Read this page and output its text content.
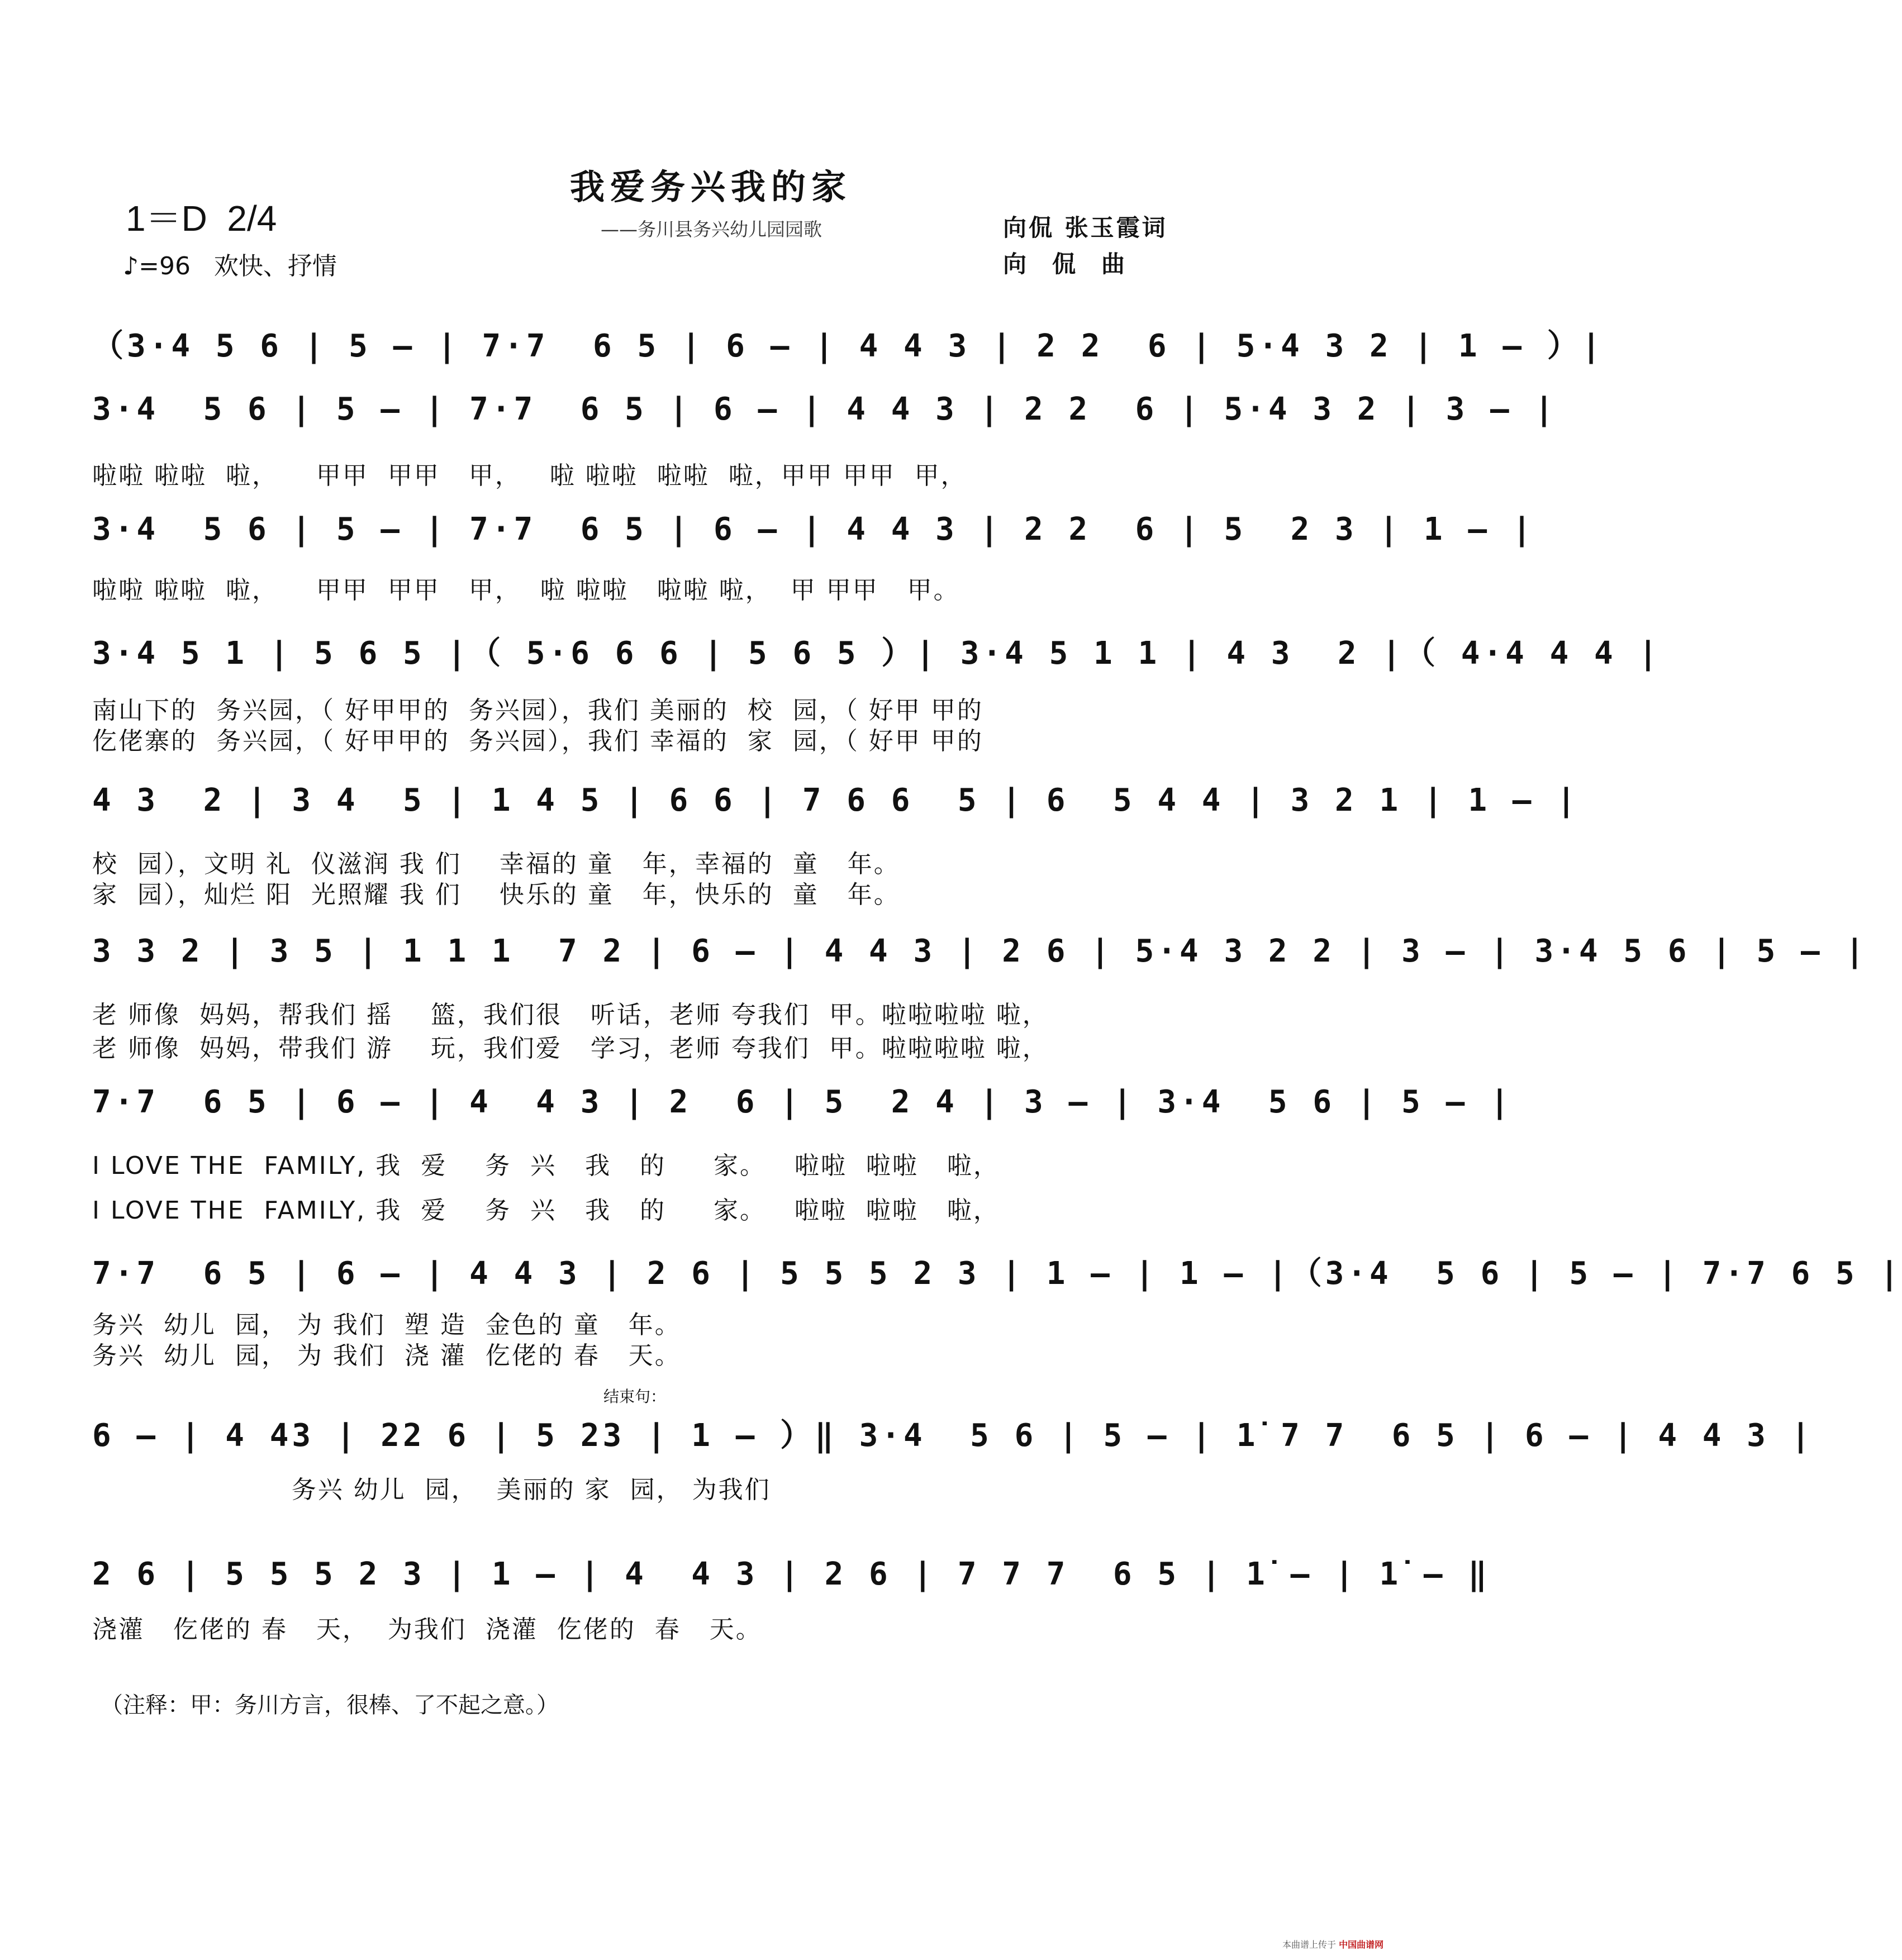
我爱务兴我的家
——务川县务兴幼儿园园歌
1＝D  2/4
♪=96   欢快、抒情
向侃 张玉霞词
向侃曲
（3·4 5 6 | 5 – | 7·7  6 5 | 6 – | 4 4 3 | 2 2  6 | 5·4 3 2 | 1 – ）|
3·4  5 6 | 5 – | 7·7  6 5 | 6 – | 4 4 3 | 2 2  6 | 5·4 3 2 | 3 – |
啦啦 啦啦  啦，    甲甲  甲甲   甲，   啦 啦啦  啦啦  啦，甲甲 甲甲  甲，
3·4  5 6 | 5 – | 7·7  6 5 | 6 – | 4 4 3 | 2 2  6 | 5  2 3 | 1 – |
啦啦 啦啦  啦，    甲甲  甲甲   甲，  啦 啦啦   啦啦 啦，  甲 甲甲   甲。
3·4 5 1 | 5 6 5 |（ 5·6 6 6 | 5 6 5 ）| 3·4 5 1 1 | 4 3  2 |（ 4·4 4 4 |
南山下的  务兴园，（ 好甲甲的  务兴园），我们 美丽的  校  园，（ 好甲 甲的
仡佬寨的  务兴园，（ 好甲甲的  务兴园），我们 幸福的  家  园，（ 好甲 甲的
4 3  2 | 3 4  5 | 1 4 5 | 6 6 | 7 6 6  5 | 6  5 4 4 | 3 2 1 | 1 – |
校  园），文明 礼  仪滋润 我 们    幸福的 童   年，幸福的  童   年。
家  园），灿烂 阳  光照耀 我 们    快乐的 童   年，快乐的  童   年。
3 3 2 | 3 5 | 1 1 1  7 2 | 6 – | 4 4 3 | 2 6 | 5·4 3 2 2 | 3 – | 3·4 5 6 | 5 – |
老 师像  妈妈，帮我们 摇    篮，我们很   听话，老师 夸我们  甲。啦啦啦啦 啦，
老 师像  妈妈，带我们 游    玩，我们爱   学习，老师 夸我们  甲。啦啦啦啦 啦，
7·7  6 5 | 6 – | 4  4 3 | 2  6 | 5  2 4 | 3 – | 3·4  5 6 | 5 – |
I LOVE THE  FAMILY, 我  爱    务  兴   我   的     家。   啦啦  啦啦   啦，
I LOVE THE  FAMILY, 我  爱    务  兴   我   的     家。   啦啦  啦啦   啦，
7·7  6 5 | 6 – | 4 4 3 | 2 6 | 5 5 5 2 3 | 1 – | 1 – |（3·4  5 6 | 5 – | 7·7 6 5 |
务兴  幼儿  园， 为 我们  塑 造  金色的 童   年。
务兴  幼儿  园， 为 我们  浇 灌  仡佬的 春   天。
结束句：
6 – | 4 43 | 22 6 | 5 23 | 1 – ）‖ 3·4  5 6 | 5 – | 1̇ 7 7  6 5 | 6 – | 4 4 3 |
务兴 幼儿  园，  美丽的 家  园， 为我们
2 6 | 5 5 5 2 3 | 1 – | 4  4 3 | 2 6 | 7 7 7  6 5 | 1̇ – | 1̇ – ‖
浇灌   仡佬的 春   天，  为我们  浇灌  仡佬的  春   天。
（注释：甲：务川方言，很棒、了不起之意。）
本曲谱上传于 中国曲谱网
